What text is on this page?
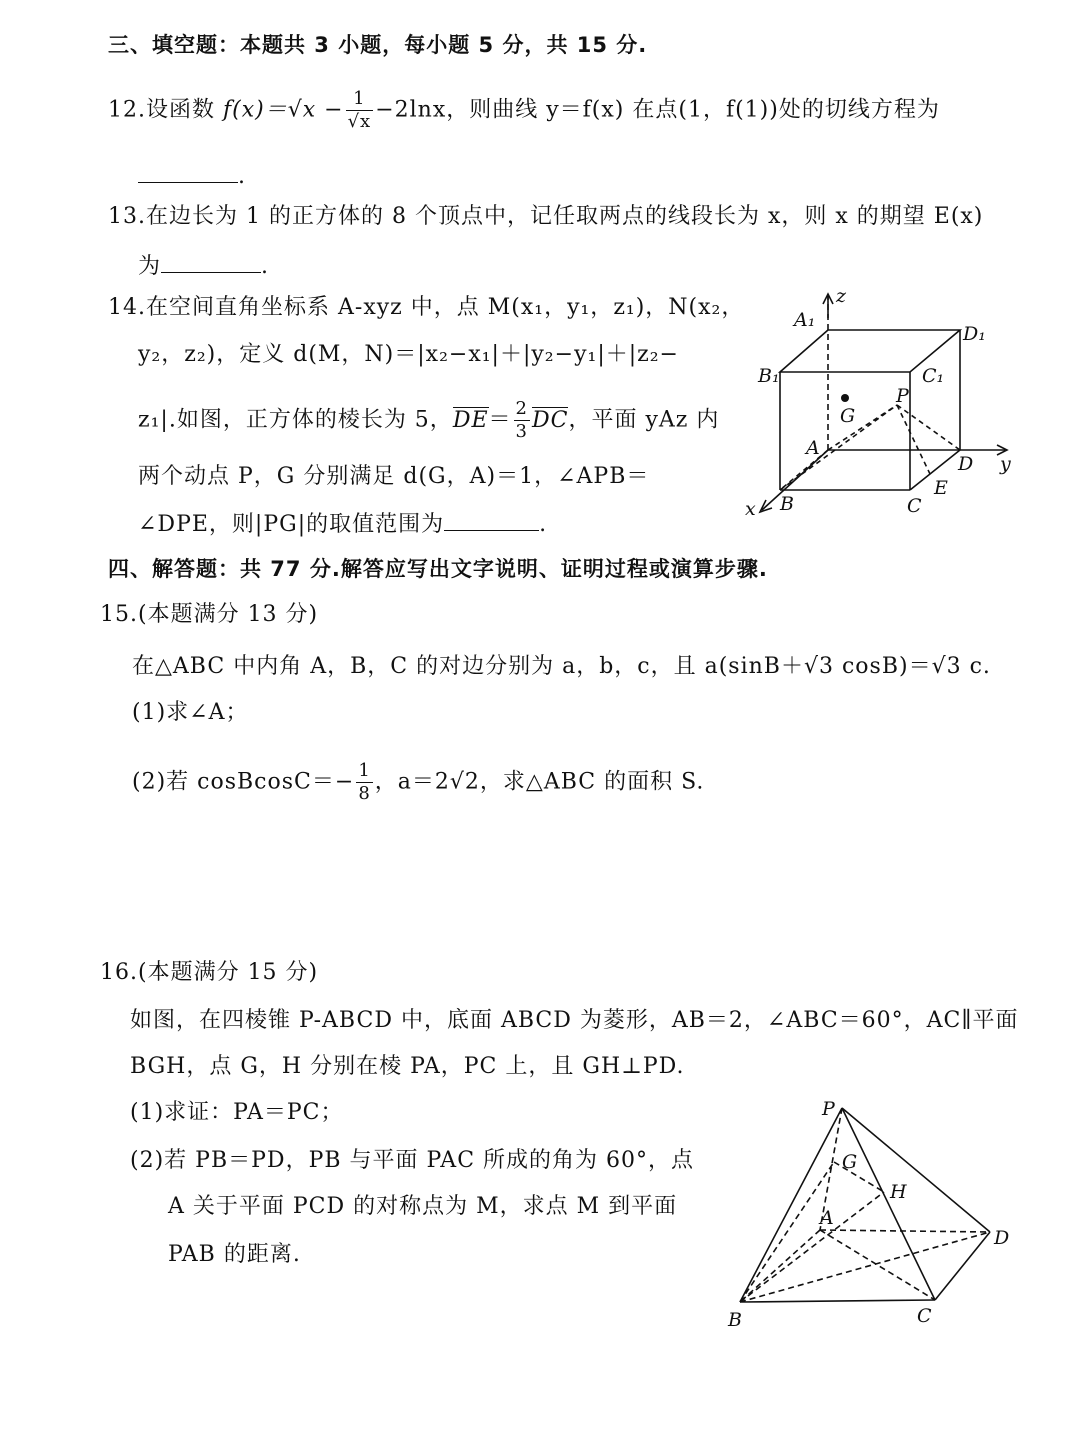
三、填空题：本题共 3 小题，每小题 5 分，共 15 分.
12.设函数 $f(x)=√x - \frac{1}{√x} -2\ln x$，则曲线 y＝f(x) 在点(1，f(1))处的切线方程为
.
13.在边长为 1 的正方体的 8 个顶点中，记任取两点的线段长为 x，则 x 的期望 E(x)
为	.
14.在空间直角坐标系 A-xyz 中，点 M(x₁，y₁，z₁)，N(x₂，
y₂，z₂)，定义 d(M，N)＝|x₂−x₁|＋|y₂−y₁|＋|z₂−
z₁|.如图，正方体的棱长为 5，$DE= \frac{2}{3}$ DC，平面 yAz 内
两个动点 P，G 分别满足 d(G，A)＝1，∠APB＝
∠DPE，则|PG|的取值范围为	.
z
y
x
A₁
D₁
B₁	C₁
G
P
A
D
E
B	C
四、解答题：共 77 分.解答应写出文字说明、证明过程或演算步骤.
15.(本题满分 13 分)
在△ABC 中内角 A，B，C 的对边分别为 a，b，c，且 a(sinB＋√3 cosB)＝√3 c.
(1)求∠A；
(2)若 cosBcosC＝− $\frac{1}{8}$ ，a＝2√2，求△ABC 的面积 S.
16.(本题满分 15 分)
如图，在四棱锥 P-ABCD 中，底面 ABCD 为菱形，AB＝2，∠ABC＝60°，AC∥平面
BGH，点 G，H 分别在棱 PA，PC 上，且 GH⊥PD.
(1)求证：PA＝PC；
(2)若 PB＝PD，PB 与平面 PAC 所成的角为 60°，点
A 关于平面 PCD 的对称点为 M，求点 M 到平面
PAB 的距离.
P
G
H
A
D
B	C
